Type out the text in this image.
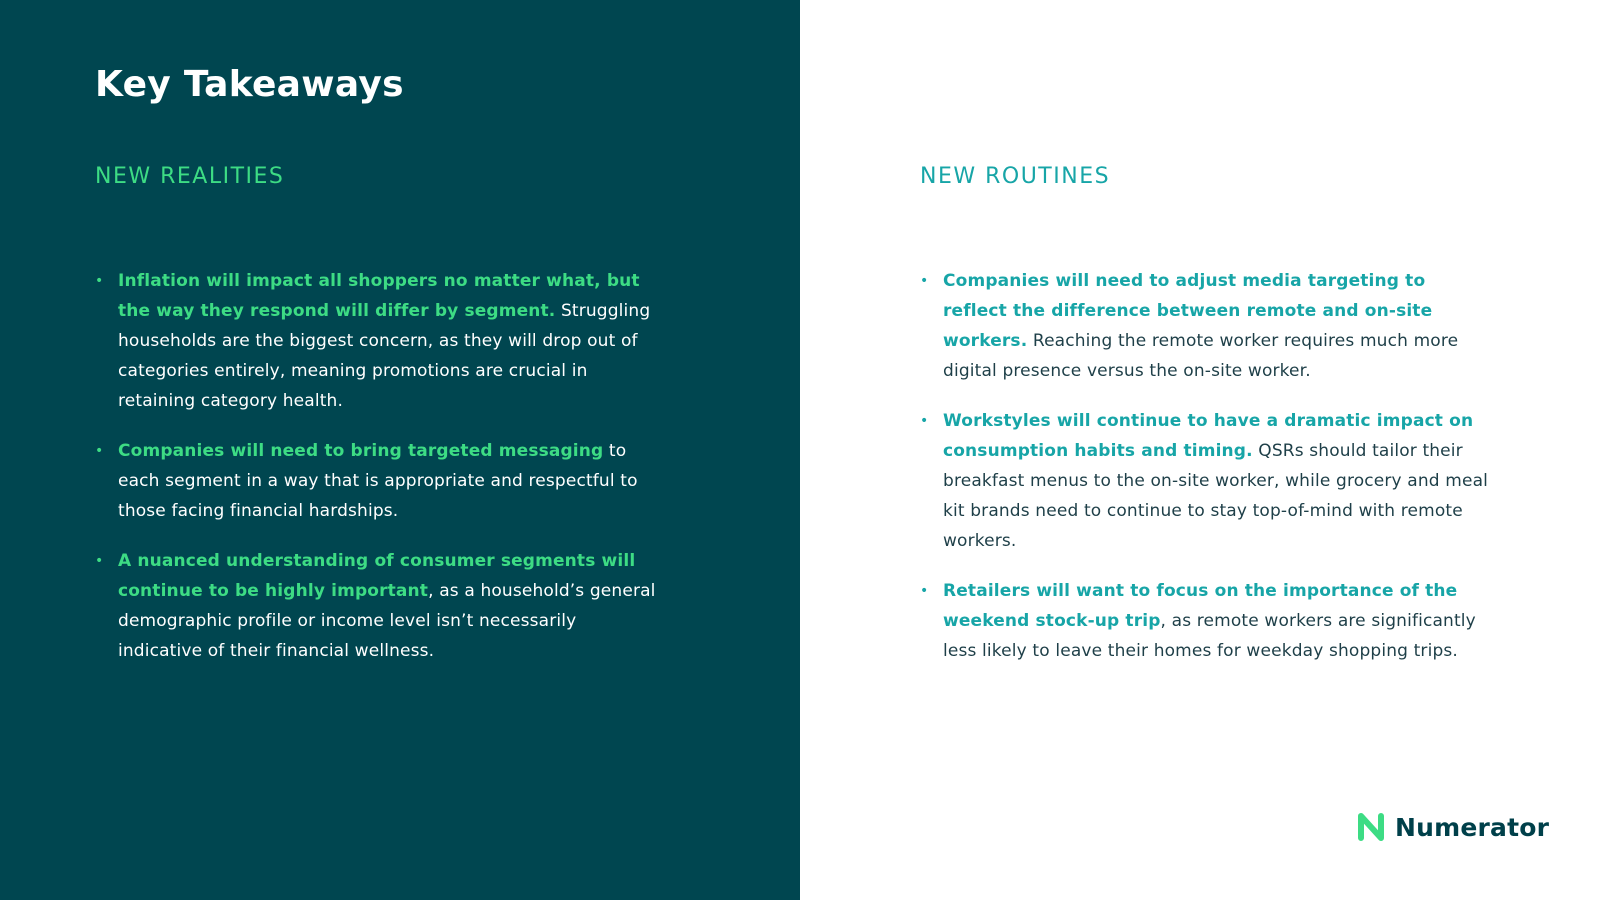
Key Takeaways
NEW REALITIES	NEW ROUTINES
• Inflation will impact all shoppers no matter what, but the way they respond will differ by segment. Struggling households are the biggest concern, as they will drop out of categories entirely, meaning promotions are crucial in retaining category health.
• Companies will need to bring targeted messaging to each segment in a way that is appropriate and respectful to those facing financial hardships.
• A nuanced understanding of consumer segments will continue to be highly important, as a household’s general demographic profile or income level isn’t necessarily indicative of their financial wellness.
• Companies will need to adjust media targeting to reflect the difference between remote and on-site workers. Reaching the remote worker requires much more digital presence versus the on-site worker.
• Workstyles will continue to have a dramatic impact on consumption habits and timing. QSRs should tailor their breakfast menus to the on-site worker, while grocery and meal kit brands need to continue to stay top-of-mind with remote workers.
• Retailers will want to focus on the importance of the weekend stock-up trip, as remote workers are significantly less likely to leave their homes for weekday shopping trips.
Numerator
